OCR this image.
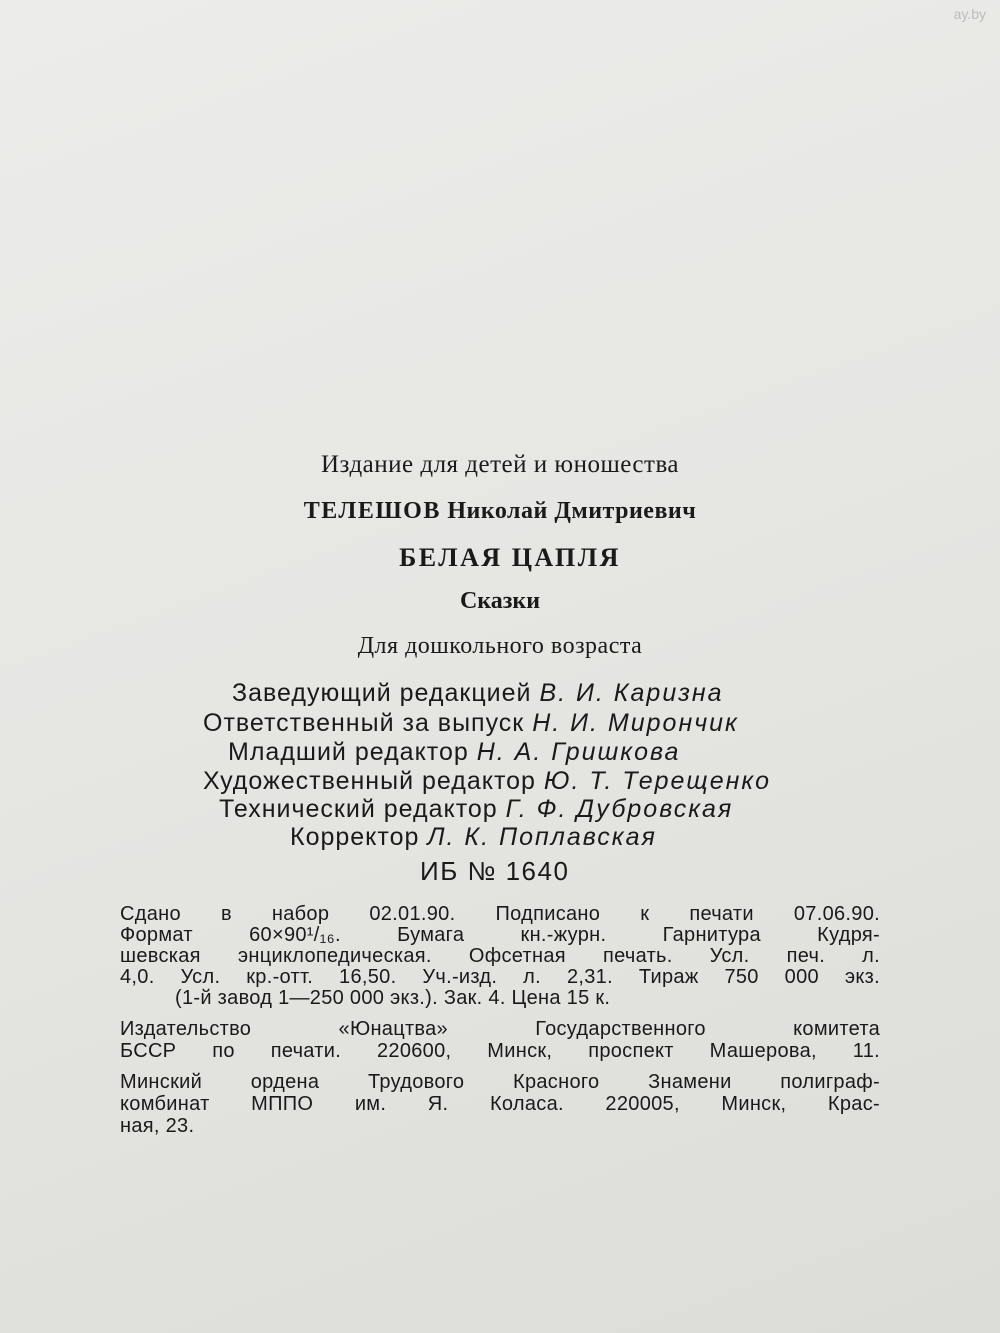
ay.by
Издание для детей и юношества
ТЕЛЕШОВ Николай Дмитриевич
БЕЛАЯ ЦАПЛЯ
Сказки
Для дошкольного возраста
Заведующий редакцией В. И. Каризна
Ответственный за выпуск Н. И. Мирончик
Младший редактор Н. А. Гришкова
Художественный редактор Ю. Т. Терещенко
Технический редактор Г. Ф. Дубровская
Корректор Л. К. Поплавская
ИБ № 1640
Сдано в набор 02.01.90. Подписано к печати 07.06.90.
Формат 60×90¹/₁₆. Бумага кн.-журн. Гарнитура Кудря-
шевская энциклопедическая. Офсетная печать. Усл. печ. л.
4,0. Усл. кр.-отт. 16,50. Уч.-изд. л. 2,31. Тираж 750 000 экз.
(1-й завод 1—250 000 экз.). Зак. 4. Цена 15 к.
Издательство «Юнацтва» Государственного комитета
БССР по печати. 220600, Минск, проспект Машерова, 11.
Минский ордена Трудового Красного Знамени полиграф-
комбинат МППО им. Я. Коласа. 220005, Минск, Крас-
ная, 23.
